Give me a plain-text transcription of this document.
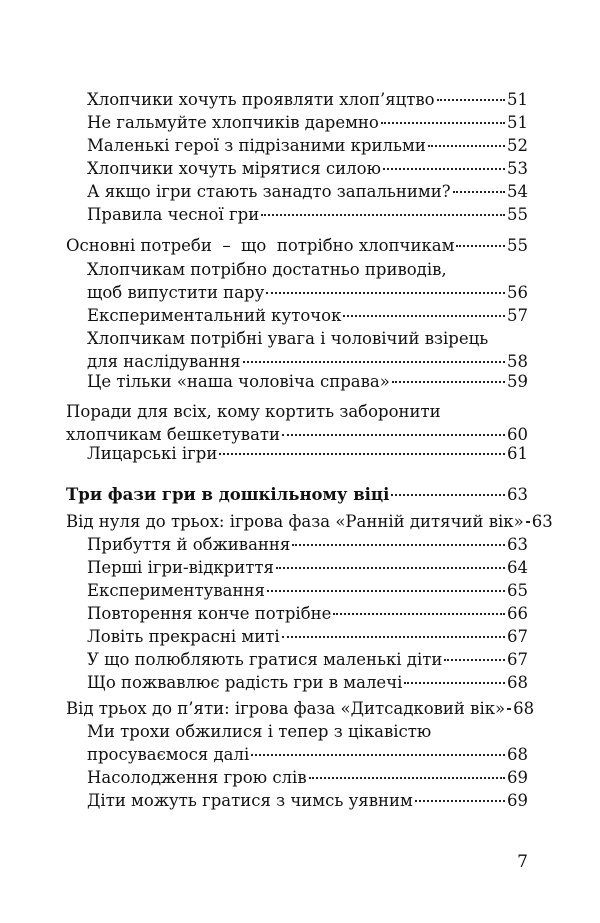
Хлопчики хочуть проявляти хлоп’яцтво	51
Не гальмуйте хлопчиків даремно	51
Маленькі герої з підрізаними крильми	52
Хлопчики хочуть мірятися силою	53
А якщо ігри стають занадто запальними?	54
Правила чесної гри	55
Основні потреби  –  що  потрібно хлопчикам	55
Хлопчикам потрібно достатньо приводів,
щоб випустити пару	56
Експериментальний куточок	57
Хлопчикам потрібні увага і чоловічий взірець
для наслідування	58
Це тільки «наша чоловіча справа»	59
Поради для всіх, кому кортить заборонити
хлопчикам бешкетувати	60
Лицарські ігри	61
Три фази гри в дошкільному віці	63
Від нуля до трьох: ігрова фаза «Ранній дитячий вік» 63
Прибуття й обживання	63
Перші ігри-відкриття	64
Експериментування	65
Повторення конче потрібне	66
Ловіть прекрасні миті	67
У що полюбляють гратися маленькі діти	67
Що пожвавлює радість гри в малечі	68
Від трьох до п’яти: ігрова фаза «Дитсадковий вік» 68
Ми трохи обжилися і тепер з цікавістю
просуваємося далі	68
Насолодження грою слів	69
Діти можуть гратися з чимсь уявним	69
7
